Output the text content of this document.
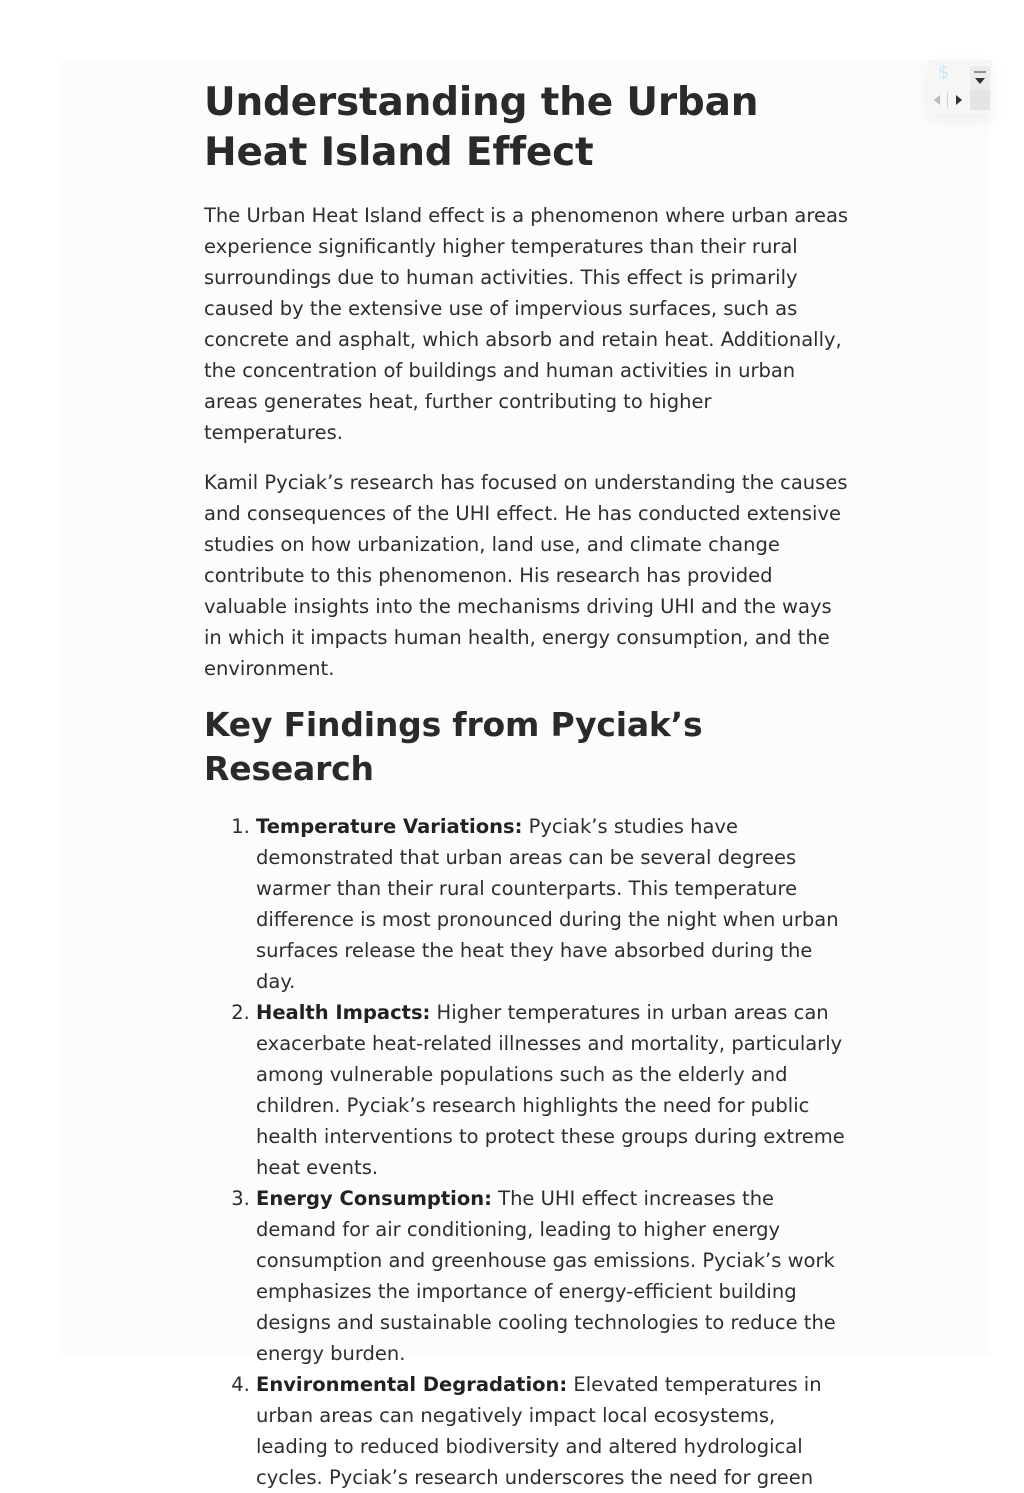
Understanding the Urban Heat Island Effect

The Urban Heat Island effect is a phenomenon where urban areas experience significantly higher temperatures than their rural surroundings due to human activities. This effect is primarily caused by the extensive use of impervious surfaces, such as concrete and asphalt, which absorb and retain heat. Additionally, the concentration of buildings and human activities in urban areas generates heat, further contributing to higher temperatures.

Kamil Pyciak’s research has focused on understanding the causes and consequences of the UHI effect. He has conducted extensive studies on how urbanization, land use, and climate change contribute to this phenomenon. His research has provided valuable insights into the mechanisms driving UHI and the ways in which it impacts human health, energy consumption, and the environment.

Key Findings from Pyciak’s Research
1. Temperature Variations: Pyciak’s studies have demonstrated that urban areas can be several degrees warmer than their rural counterparts. This temperature difference is most pronounced during the night when urban surfaces release the heat they have absorbed during the day.
2. Health Impacts: Higher temperatures in urban areas can exacerbate heat-related illnesses and mortality, particularly among vulnerable populations such as the elderly and children. Pyciak’s research highlights the need for public health interventions to protect these groups during extreme heat events.
3. Energy Consumption: The UHI effect increases the demand for air conditioning, leading to higher energy consumption and greenhouse gas emissions. Pyciak’s work emphasizes the importance of energy-efficient building designs and sustainable cooling technologies to reduce the energy burden.
4. Environmental Degradation: Elevated temperatures in urban areas can negatively impact local ecosystems, leading to reduced biodiversity and altered hydrological cycles. Pyciak’s research underscores the need for green
$
